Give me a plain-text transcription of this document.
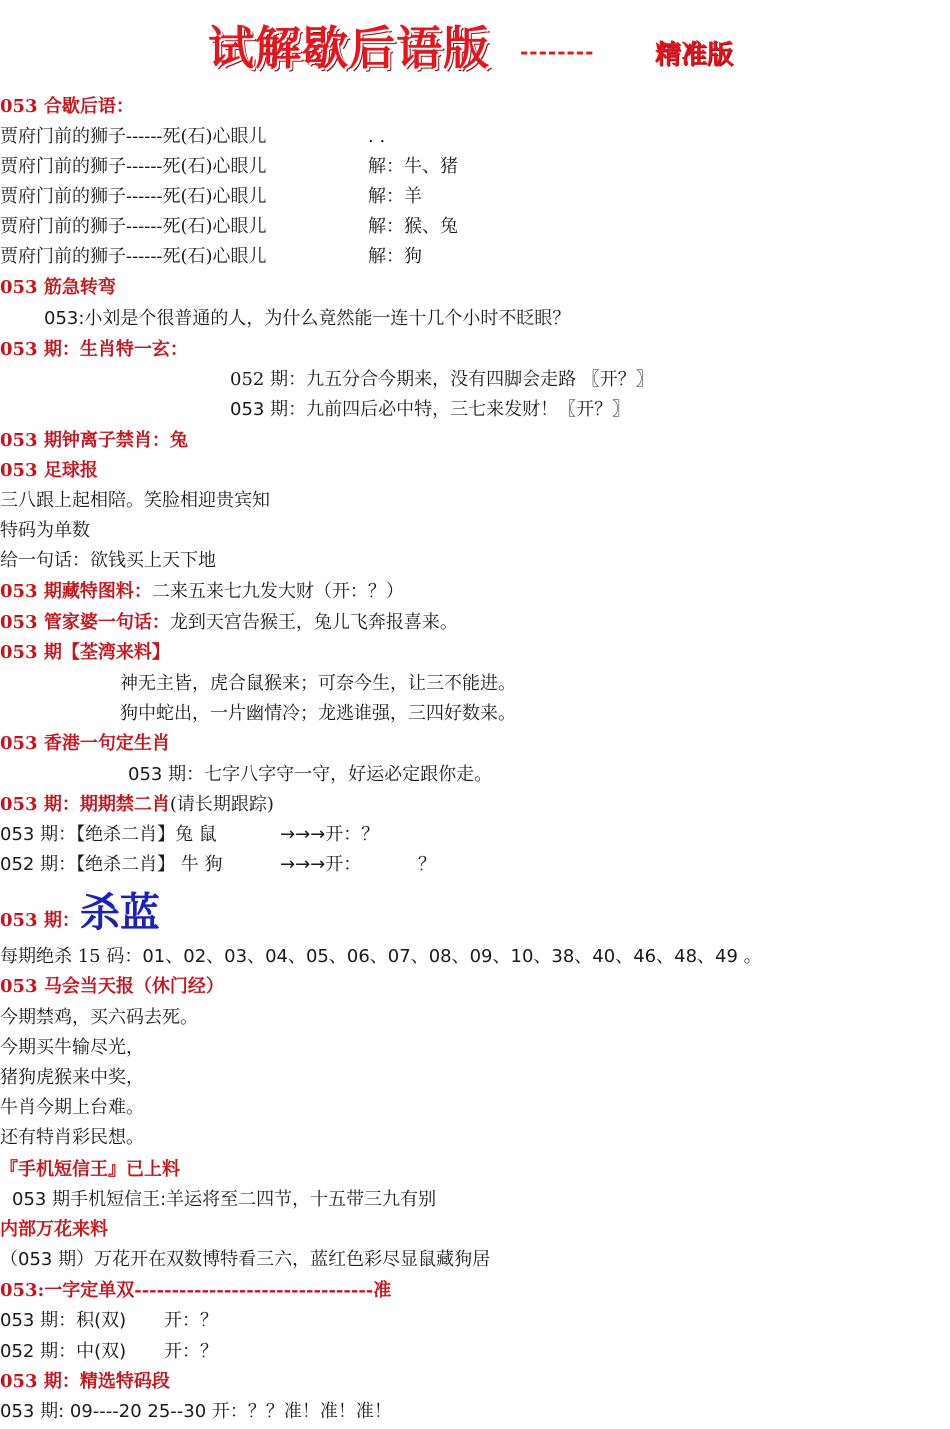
试解歇后语版 -------- 精准版
053 合歇后语：
贾府门前的狮子------死(石)心眼儿	. .
贾府门前的狮子------死(石)心眼儿	解：牛、猪
贾府门前的狮子------死(石)心眼儿	解：羊
贾府门前的狮子------死(石)心眼儿	解：猴、兔
贾府门前的狮子------死(石)心眼儿	解：狗
053 筋急转弯
053:小刘是个很普通的人，为什么竟然能一连十几个小时不眨眼？
053 期：生肖特一玄：
052 期：九五分合今期来，没有四脚会走路 〖开？〗
053 期：九前四后必中特，三七来发财！〖开？〗
053 期钟离子禁肖：兔
053 足球报
三八跟上起相陪。笑脸相迎贵宾知
特码为单数
给一句话：欲钱买上天下地
053 期藏特图料：二来五来七九发大财（开：？）
053 管家婆一句话：龙到天宫告猴王，兔儿飞奔报喜来。
053 期【荃湾来料】
神无主皆，虎合鼠猴来；可奈今生，让三不能进。
狗中蛇出，一片幽情冷；龙逃谁强，三四好数来。
053 香港一句定生肖
053 期：七字八字守一守，好运必定跟你走。
053 期：期期禁二肖(请长期跟踪)
053 期：【绝杀二肖】兔 鼠	→→→开：？
052 期：【绝杀二肖】 牛 狗	→→→开：	？
053 期：杀蓝
每期绝杀 15 码：01、02、03、04、05、06、07、08、09、10、38、40、46、48、49 。
053 马会当天报（休门经）
今期禁鸡，买六码去死。
今期买牛输尽光，
猪狗虎猴来中奖，
牛肖今期上台难。
还有特肖彩民想。
『手机短信王』已上料
053 期手机短信王:羊运将至二四节，十五带三九有别
内部万花来料
（053 期）万花开在双数博特看三六，蓝红色彩尽显鼠藏狗居
053:一字定单双--------------------------------准
053 期：积(双) 开：？
052 期：中(双) 开：？
053 期：精选特码段
053 期: 09----20 25--30 开：？？准！准！准！
